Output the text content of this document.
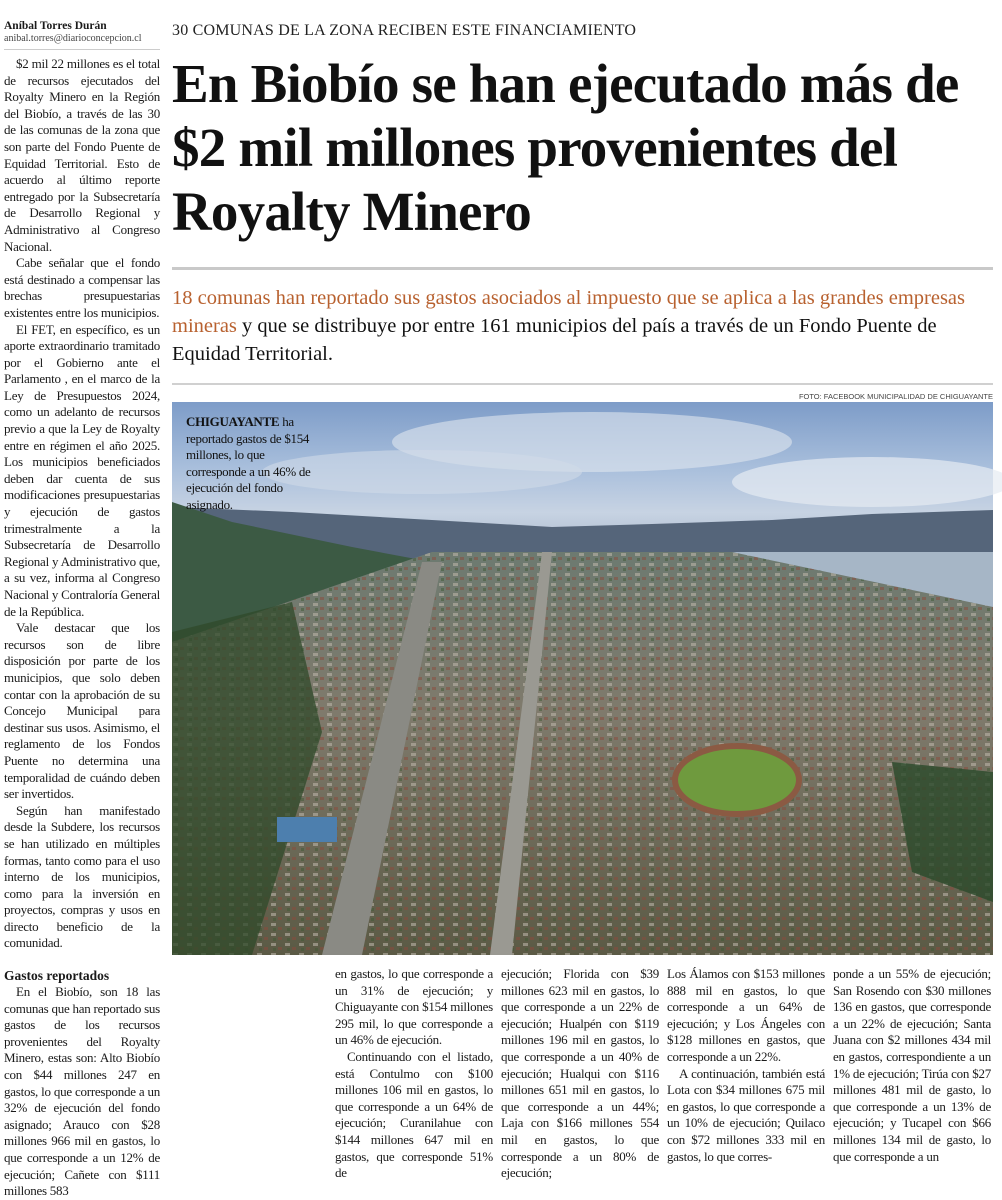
Aníbal Torres Durán
anibal.torres@diarioconcepcion.cl

$2 mil 22 millones es el total de recursos ejecutados del Royalty Minero en la Región del Biobío, a través de las 30 de las comunas de la zona que son parte del Fondo Puente de Equidad Territorial. Esto de acuerdo al último reporte entregado por la Subsecretaría de Desarrollo Regional y Administrativo al Congreso Nacional.

Cabe señalar que el fondo está destinado a compensar las brechas presupuestarias existentes entre los municipios.

El FET, en específico, es un aporte extraordinario tramitado por el Gobierno ante el Parlamento , en el marco de la Ley de Presupuestos 2024, como un adelanto de recursos previo a que la Ley de Royalty entre en régimen el año 2025. Los municipios beneficiados deben dar cuenta de sus modificaciones presupuestarias y ejecución de gastos trimestralmente a la Subsecretaría de Desarrollo Regional y Administrativo que, a su vez, informa al Congreso Nacional y Contraloría General de la República.

Vale destacar que los recursos son de libre disposición por parte de los municipios, que solo deben contar con la aprobación de su Concejo Municipal para destinar sus usos. Asimismo, el reglamento de los Fondos Puente no determina una temporalidad de cuándo deben ser invertidos.

Según han manifestado desde la Subdere, los recursos se han utilizado en múltiples formas, tanto como para el uso interno de los municipios, como para la inversión en proyectos, compras y usos en directo beneficio de la comunidad.

Gastos reportados

En el Biobío, son 18 las comunas que han reportado sus gastos de los recursos provenientes del Royalty Minero, estas son: Alto Biobío con $44 millones 247 en gastos, lo que corresponde a un 32% de ejecución del fondo asignado; Arauco con $28 millones 966 mil en gastos, lo que corresponde a un 12% de ejecución; Cañete con $111 millones 583

30 COMUNAS DE LA ZONA RECIBEN ESTE FINANCIAMIENTO
En Biobío se han ejecutado más de $2 mil millones provenientes del Royalty Minero
18 comunas han reportado sus gastos asociados al impuesto que se aplica a las grandes empresas mineras y que se distribuye por entre 161 municipios del país a través de un Fondo Puente de Equidad Territorial.
FOTO: FACEBOOK MUNICIPALIDAD DE CHIGUAYANTE
CHIGUAYANTE ha reportado gastos de $154 millones, lo que corresponde a un 46% de ejecución del fondo asignado.

en gastos, lo que corresponde a un 31% de ejecución; y Chiguayante con $154 millones 295 mil, lo que corresponde a un 46% de ejecución.

Continuando con el listado, está Contulmo con $100 millones 106 mil en gastos, lo que corresponde a un 64% de ejecución; Curanilahue con $144 millones 647 mil en gastos, que corresponde 51% de

ejecución; Florida con $39 millones 623 mil en gastos, lo que corresponde a un 22% de ejecución; Hualpén con $119 millones 196 mil en gastos, lo que corresponde a un 40% de ejecución; Hualqui con $116 millones 651 mil en gastos, lo que corresponde a un 44%; Laja con $166 millones 554 mil en gastos, lo que corresponde a un 80% de ejecución;

Los Álamos con $153 millones 888 mil en gastos, lo que corresponde a un 64% de ejecución; y Los Ángeles con $128 millones en gastos, que corresponde a un 22%.

A continuación, también está Lota con $34 millones 675 mil en gastos, lo que corresponde a un 10% de ejecución; Quilaco con $72 millones 333 mil en gastos, lo que corres-

ponde a un 55% de ejecución; San Rosendo con $30 millones 136 en gastos, que corresponde a un 22% de ejecución; Santa Juana con $2 millones 434 mil en gastos, correspondiente a un 1% de ejecución; Tirúa con $27 millones 481 mil de gasto, lo que corresponde a un 13% de ejecución; y Tucapel con $66 millones 134 mil de gasto, lo que corresponde a un
